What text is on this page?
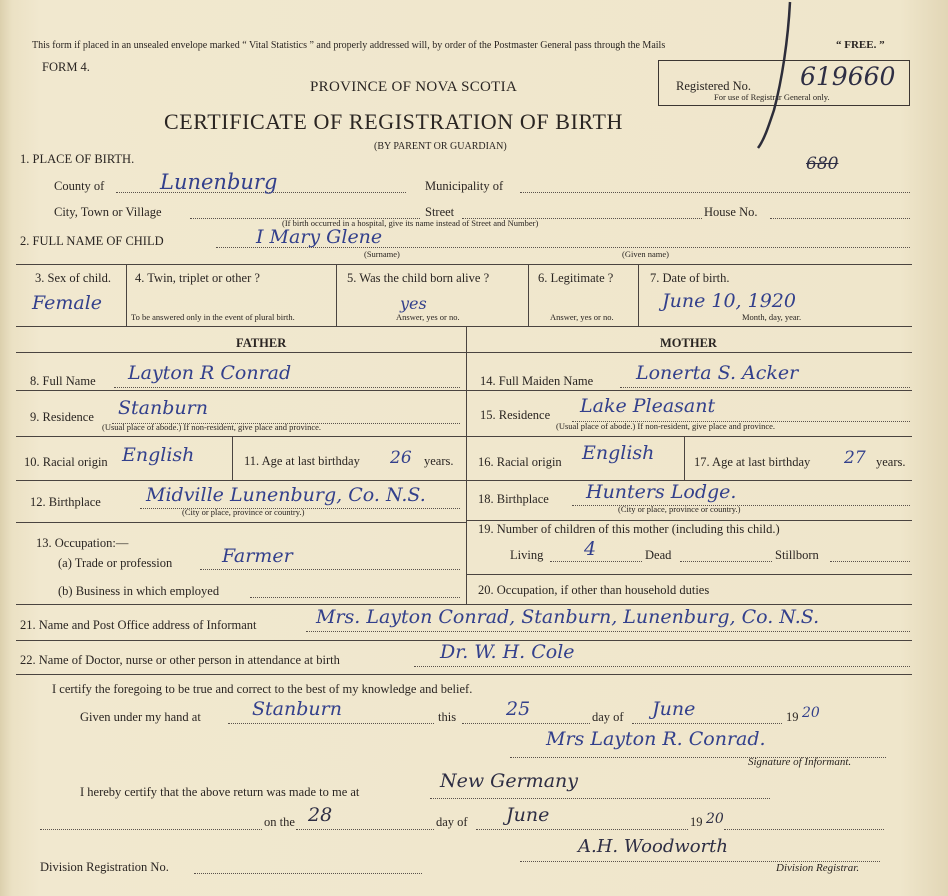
This form if placed in an unsealed envelope marked “ Vital Statistics ” and properly addressed will, by order of the Postmaster General pass through the Mails	“ FREE. ”
FORM 4.
PROVINCE OF NOVA SCOTIA
CERTIFICATE OF REGISTRATION OF BIRTH
(BY PARENT OR GUARDIAN)
Registered No. 619660
For use of Registrar General only.
680
1. PLACE OF BIRTH.
County of	Lunenburg	Municipality of
City, Town or Village	Street	House No.
(If birth occurred in a hospital, give its name instead of Street and Number)
2. FULL NAME OF CHILD	I Mary Glene
(Surname)	(Given name)
3. Sex of child.
Female
4. Twin, triplet or other ?
To be answered only in the event of plural birth.
5. Was the child born alive ?
yes
Answer, yes or no.
6. Legitimate ?
Answer, yes or no.
7. Date of birth.
June 10, 1920
Month, day, year.
FATHER	MOTHER
8. Full Name Layton R Conrad
9. Residence Stanburn
(Usual place of abode.) If non-resident, give place and province.
10. Racial origin English	11. Age at last birthday 26 years.
12. Birthplace Midville Lunenburg, Co. N.S.
(City or place, province or country.)
13. Occupation:—
(a) Trade or profession	Farmer
(b) Business in which employed
14. Full Maiden Name Lonerta S. Acker
15. Residence Lake Pleasant
(Usual place of abode.) If non-resident, give place and province.
16. Racial origin English	17. Age at last birthday 27 years.
18. Birthplace Hunters Lodge.
(City or place, province or country.)
19. Number of children of this mother (including this child.)
Living 4	Dead	Stillborn
20. Occupation, if other than household duties
21. Name and Post Office address of Informant	Mrs. Layton Conrad, Stanburn, Lunenburg, Co. N.S.
22. Name of Doctor, nurse or other person in attendance at birth	Dr. W. H. Cole
I certify the foregoing to be true and correct to the best of my knowledge and belief.
Given under my hand at	Stanburn	this	25	day of June	19 20
Mrs Layton R. Conrad.
Signature of Informant.
I hereby certify that the above return was made to me at	New Germany
on the 28	day of June	19 20
A.H. Woodworth
Division Registration No.	Division Registrar.
